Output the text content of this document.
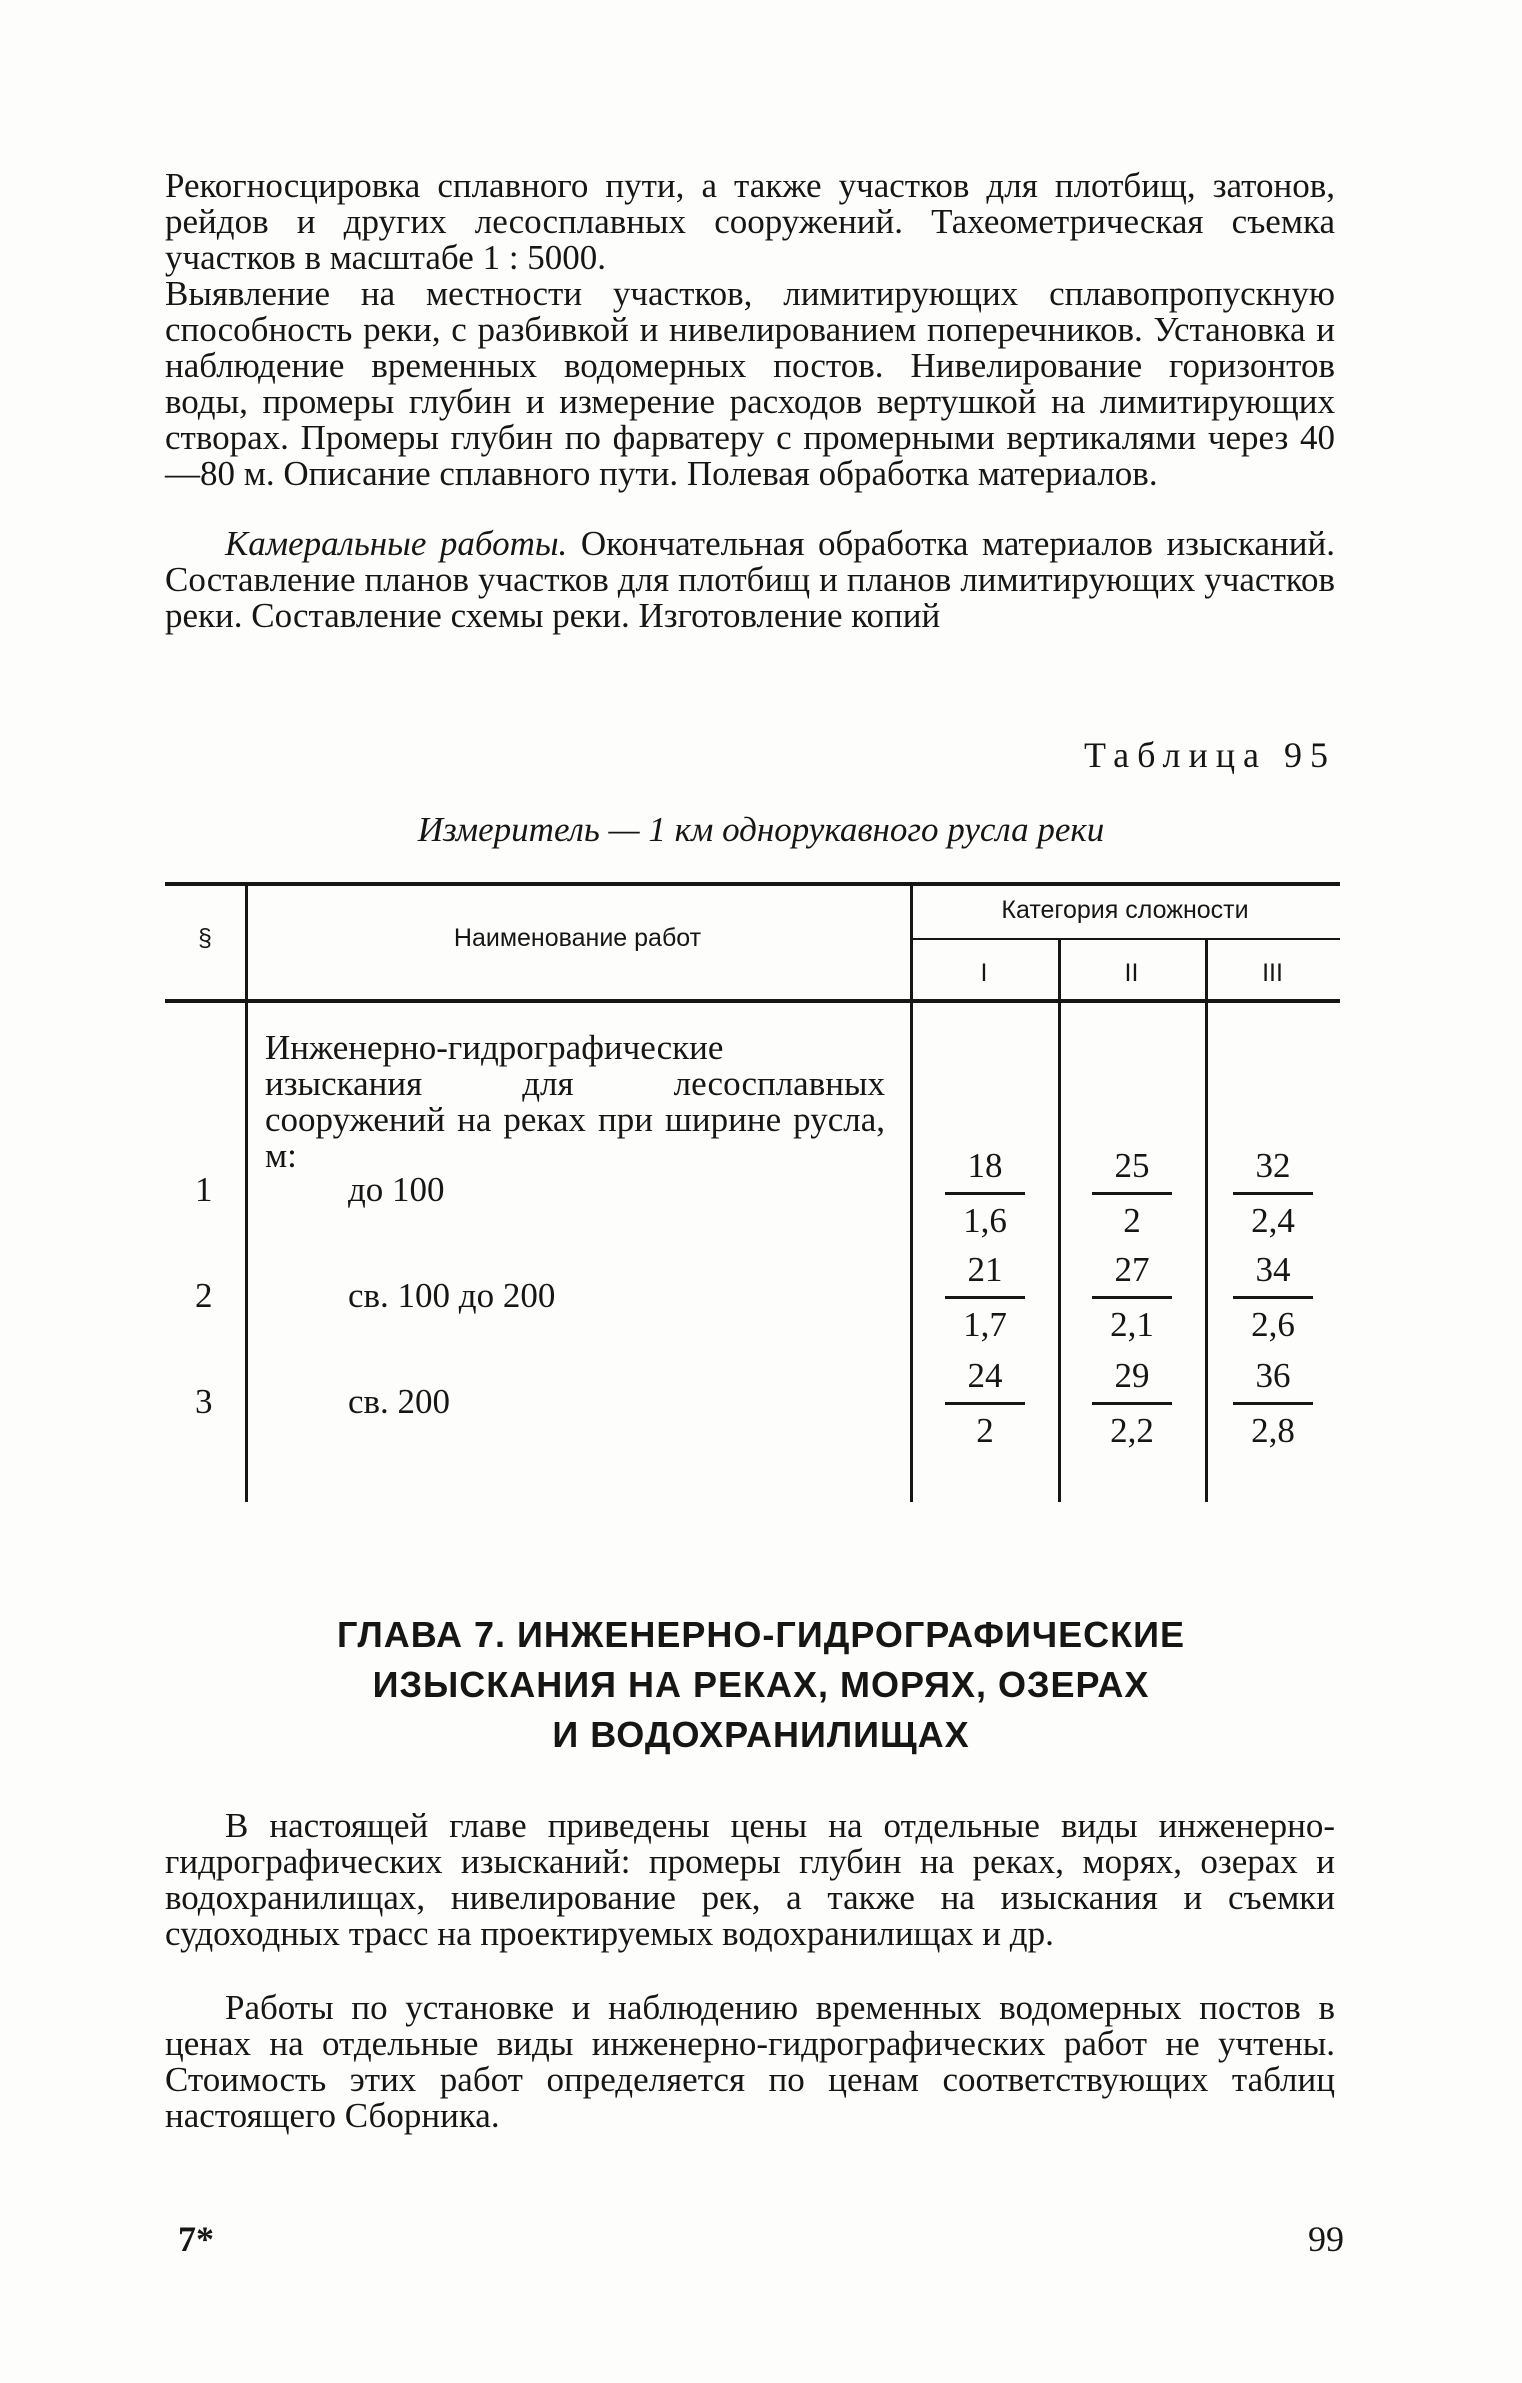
Рекогносцировка сплавного пути, а также участков для плотбищ, затонов, рейдов и других лесосплавных сооружений. Тахеометрическая съемка участков в масштабе 1 : 5000.

Выявление на местности участков, лимитирующих сплавопропускную способность реки, с разбивкой и нивелированием поперечников. Установка и наблюдение временных водомерных постов. Нивелирование горизонтов воды, промеры глубин и измерение расходов вертушкой на лимитирующих створах. Промеры глубин по фарватеру с промерными вертикалями через 40—80 м. Описание сплавного пути. Полевая обработка материалов.

Камеральные работы. Окончательная обработка материалов изысканий. Составление планов участков для плотбищ и планов лимитирующих участков реки. Составление схемы реки. Изготовление копий

Таблица 95
Измеритель — 1 км однорукавного русла реки
§	Наименование работ
Категория сложности
I	II	III
Инженерно-гидрографические изыскания для лесосплавных сооружений на реках при ширине русла, м:
1	до 100	$\frac{18}{1,6} \frac{25}{2} \frac{32}{2,4}$
2	св. 100 до 200	$\frac{21}{1,7} \frac{27}{2,1} \frac{34}{2,6}$
3	св. 200	$\frac{24}{2} \frac{29}{2,2} \frac{36}{2,8}$
ГЛАВА 7. ИНЖЕНЕРНО-ГИДРОГРАФИЧЕСКИЕ
ИЗЫСКАНИЯ НА РЕКАХ, МОРЯХ, ОЗЕРАХ
И ВОДОХРАНИЛИЩАХ

В настоящей главе приведены цены на отдельные виды инженерно-гидрографических изысканий: промеры глубин на реках, морях, озерах и водохранилищах, нивелирование рек, а также на изыскания и съемки судоходных трасс на проектируемых водохранилищах и др.

Работы по установке и наблюдению временных водомерных постов в ценах на отдельные виды инженерно-гидрографических работ не учтены. Стоимость этих работ определяется по ценам соответствующих таблиц настоящего Сборника.

7*	99
